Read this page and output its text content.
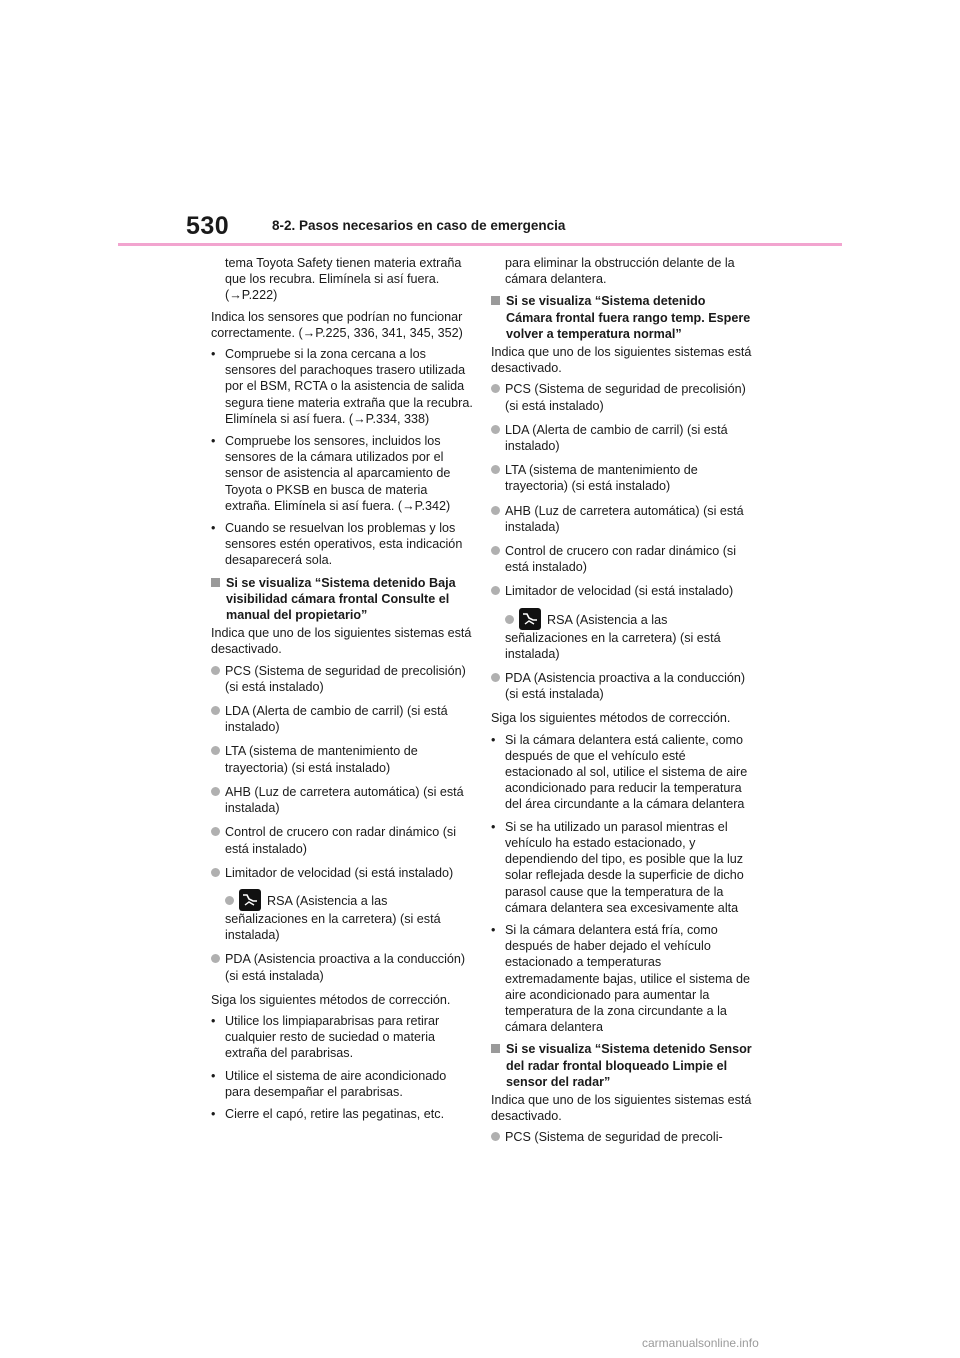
530	8-2. Pasos necesarios en caso de emergencia

tema Toyota Safety tienen materia extraña que los recubra. Elimínela si así fuera. (→P.222)

Indica los sensores que podrían no funcionar correctamente. (→P.225, 336, 341, 345, 352)

• Compruebe si la zona cercana a los sensores del parachoques trasero utilizada por el BSM, RCTA o la asistencia de salida segura tiene materia extraña que la recubra. Elimínela si así fuera. (→P.334, 338)

• Compruebe los sensores, incluidos los sensores de la cámara utilizados por el sensor de asistencia al aparcamiento de Toyota o PKSB en busca de materia extraña. Elimínela si así fuera. (→P.342)

• Cuando se resuelvan los problemas y los sensores estén operativos, esta indicación desaparecerá sola.

Si se visualiza “Sistema detenido Baja visibilidad cámara frontal Consulte el manual del propietario”

Indica que uno de los siguientes sistemas está desactivado.

PCS (Sistema de seguridad de precolisión) (si está instalado)

LDA (Alerta de cambio de carril) (si está instalado)

LTA (sistema de mantenimiento de trayectoria) (si está instalado)

AHB (Luz de carretera automática) (si está instalada)

Control de crucero con radar dinámico (si está instalado)

Limitador de velocidad (si está instalado)

RSA (Asistencia a las señalizaciones en la carretera) (si está instalada)

PDA (Asistencia proactiva a la conducción) (si está instalada)

Siga los siguientes métodos de corrección.

• Utilice los limpiaparabrisas para retirar cualquier resto de suciedad o materia extraña del parabrisas.

• Utilice el sistema de aire acondicionado para desempañar el parabrisas.

• Cierre el capó, retire las pegatinas, etc.

para eliminar la obstrucción delante de la cámara delantera.

Si se visualiza “Sistema detenido Cámara frontal fuera rango temp. Espere volver a temperatura normal”

Indica que uno de los siguientes sistemas está desactivado.

PCS (Sistema de seguridad de precolisión) (si está instalado)

LDA (Alerta de cambio de carril) (si está instalado)

LTA (sistema de mantenimiento de trayectoria) (si está instalado)

AHB (Luz de carretera automática) (si está instalada)

Control de crucero con radar dinámico (si está instalado)

Limitador de velocidad (si está instalado)

RSA (Asistencia a las señalizaciones en la carretera) (si está instalada)

PDA (Asistencia proactiva a la conducción) (si está instalada)

Siga los siguientes métodos de corrección.

• Si la cámara delantera está caliente, como después de que el vehículo esté estacionado al sol, utilice el sistema de aire acondicionado para reducir la temperatura del área circundante a la cámara delantera

• Si se ha utilizado un parasol mientras el vehículo ha estado estacionado, y dependiendo del tipo, es posible que la luz solar reflejada desde la superficie de dicho parasol cause que la temperatura de la cámara delantera sea excesivamente alta

• Si la cámara delantera está fría, como después de haber dejado el vehículo estacionado a temperaturas extremadamente bajas, utilice el sistema de aire acondicionado para aumentar la temperatura de la zona circundante a la cámara delantera

Si se visualiza “Sistema detenido Sensor del radar frontal bloqueado Limpie el sensor del radar”

Indica que uno de los siguientes sistemas está desactivado.

PCS (Sistema de seguridad de precoli-

carmanualsonline.info
